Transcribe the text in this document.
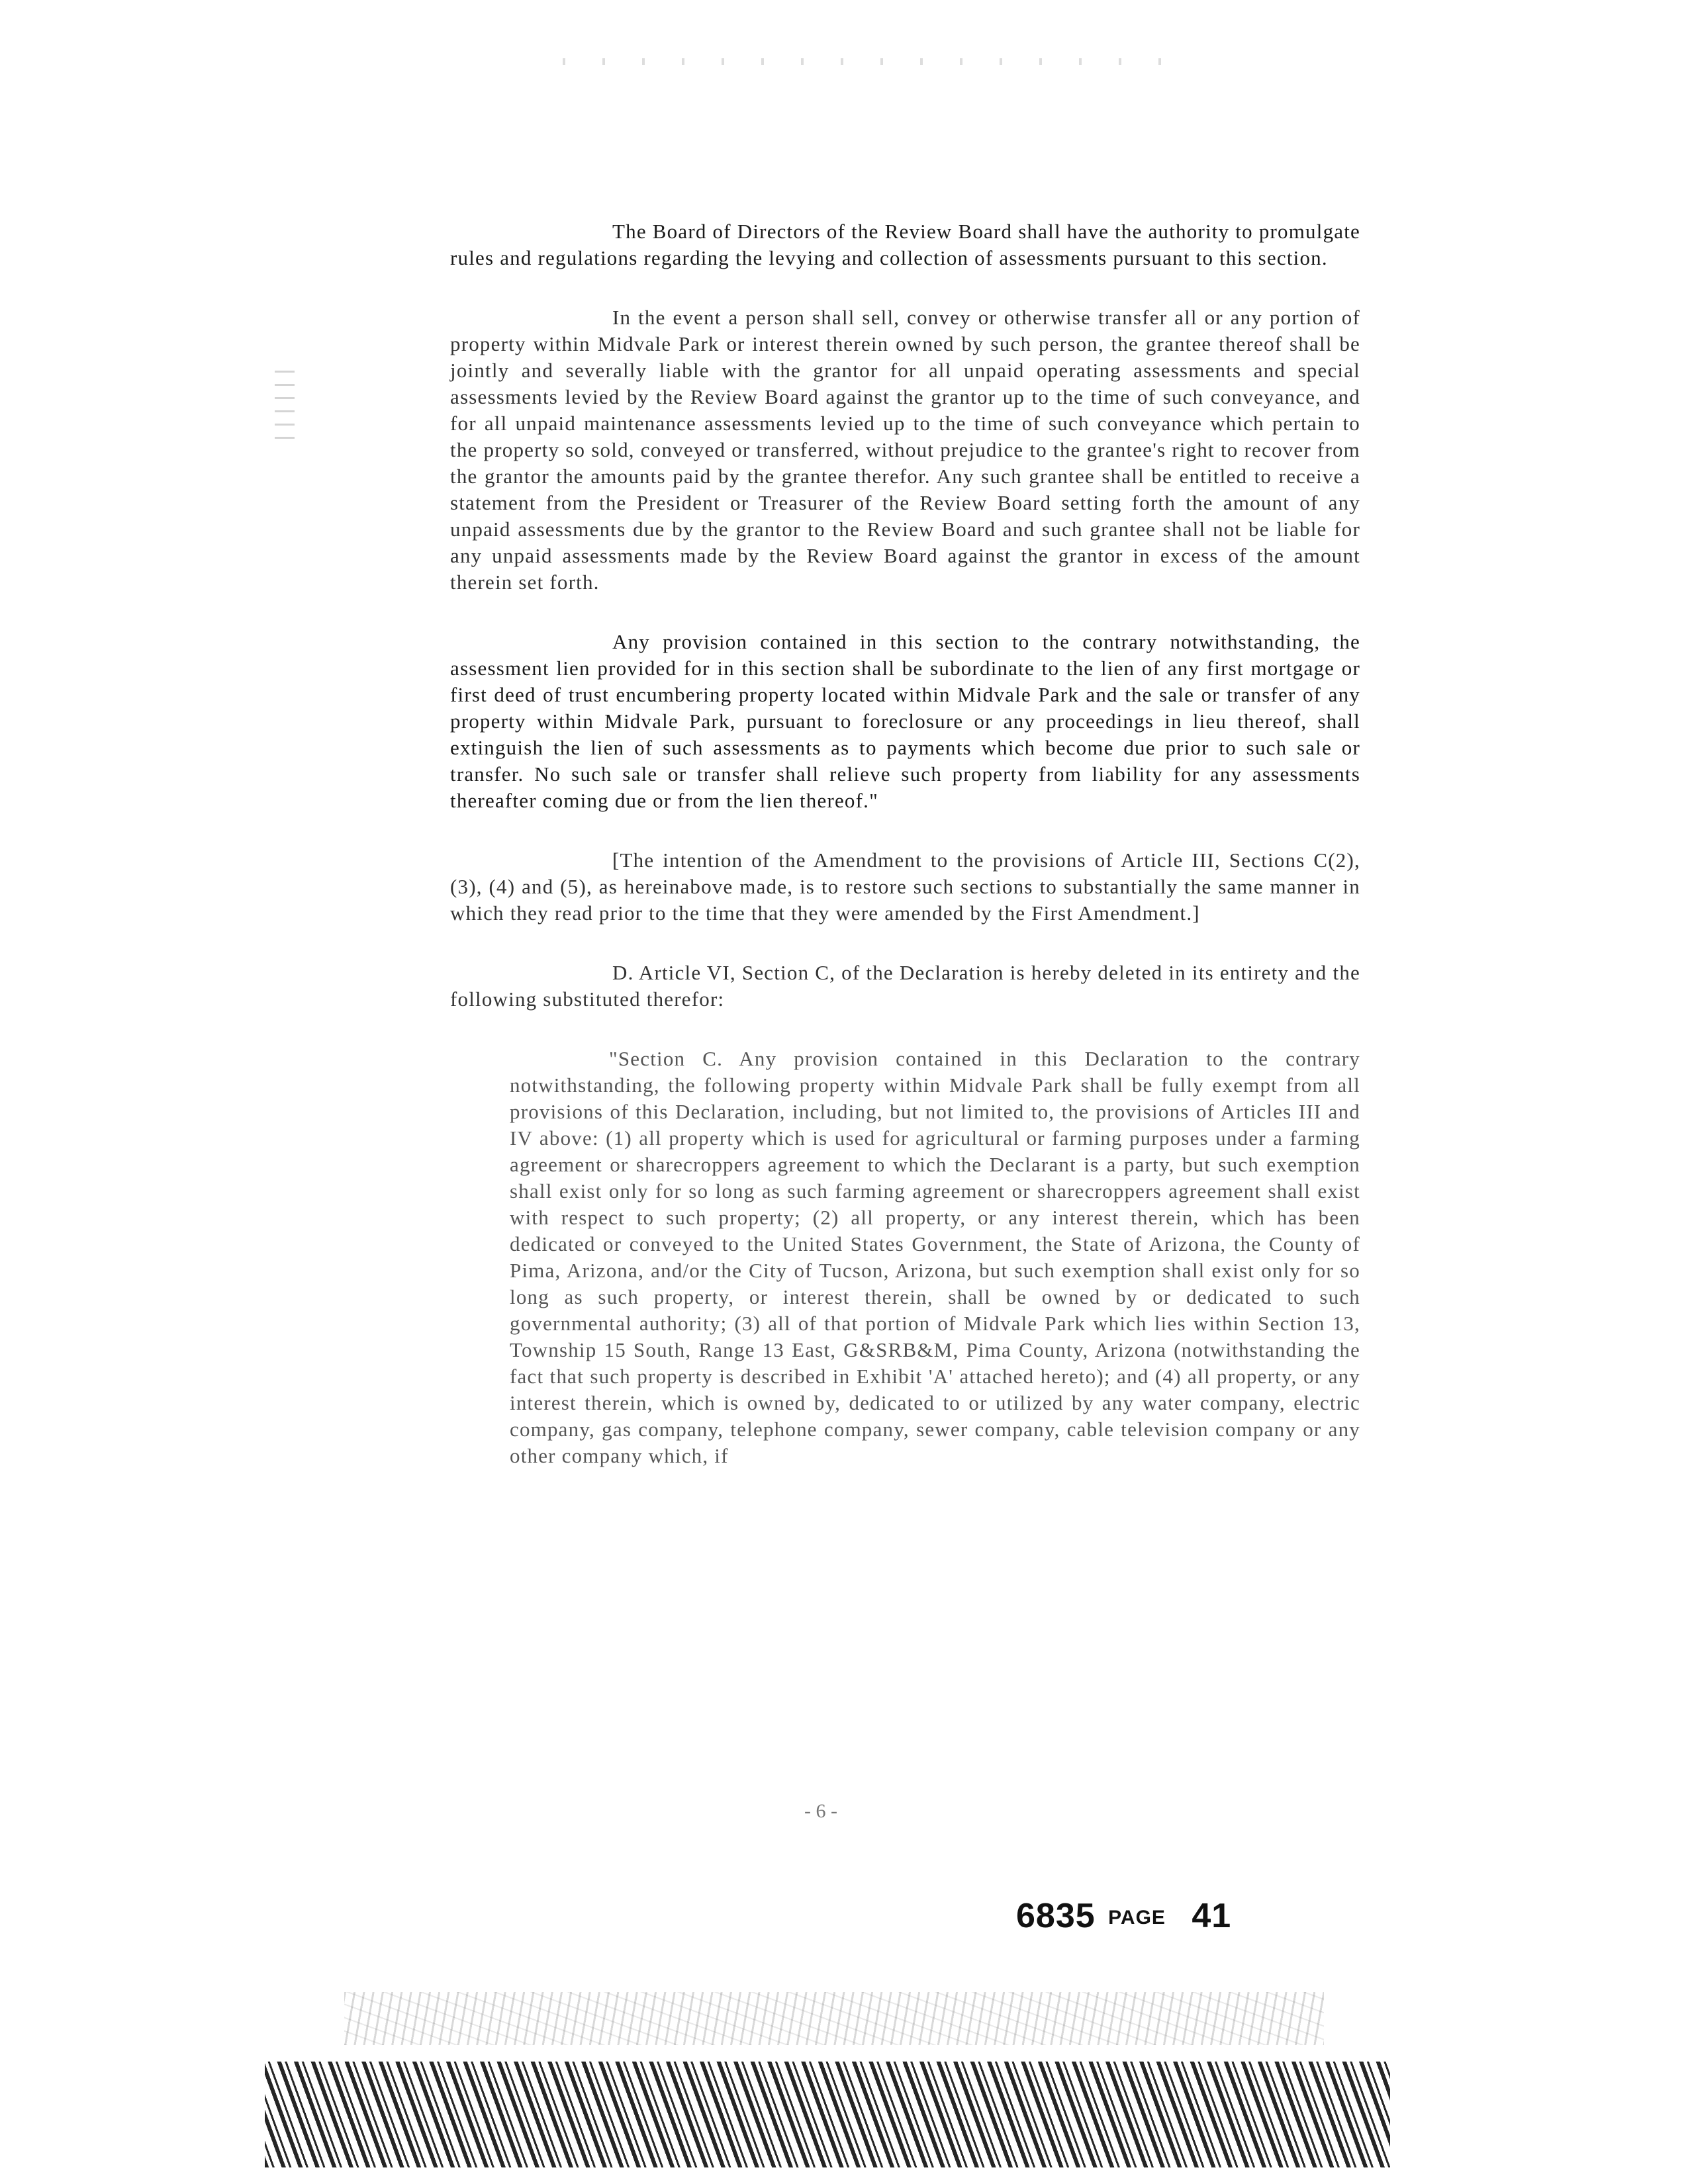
The Board of Directors of the Review Board shall have the authority to promulgate rules and regulations regarding the levying and collection of assessments pursuant to this section.

In the event a person shall sell, convey or otherwise transfer all or any portion of property within Midvale Park or interest therein owned by such person, the grantee thereof shall be jointly and severally liable with the grantor for all unpaid operating assessments and special assessments levied by the Review Board against the grantor up to the time of such conveyance, and for all unpaid maintenance assessments levied up to the time of such conveyance which pertain to the property so sold, conveyed or transferred, without prejudice to the grantee's right to recover from the grantor the amounts paid by the grantee therefor. Any such grantee shall be entitled to receive a statement from the President or Treasurer of the Review Board setting forth the amount of any unpaid assessments due by the grantor to the Review Board and such grantee shall not be liable for any unpaid assessments made by the Review Board against the grantor in excess of the amount therein set forth.

Any provision contained in this section to the contrary notwithstanding, the assessment lien provided for in this section shall be subordinate to the lien of any first mortgage or first deed of trust encumbering property located within Midvale Park and the sale or transfer of any property within Midvale Park, pursuant to foreclosure or any proceedings in lieu thereof, shall extinguish the lien of such assessments as to payments which become due prior to such sale or transfer. No such sale or transfer shall relieve such property from liability for any assessments thereafter coming due or from the lien thereof."

[The intention of the Amendment to the provisions of Article III, Sections C(2), (3), (4) and (5), as hereinabove made, is to restore such sections to substantially the same manner in which they read prior to the time that they were amended by the First Amendment.]

D. Article VI, Section C, of the Declaration is hereby deleted in its entirety and the following substituted therefor:

"Section C. Any provision contained in this Declaration to the contrary notwithstanding, the following property within Midvale Park shall be fully exempt from all provisions of this Declaration, including, but not limited to, the provisions of Articles III and IV above: (1) all property which is used for agricultural or farming purposes under a farming agreement or sharecroppers agreement to which the Declarant is a party, but such exemption shall exist only for so long as such farming agreement or sharecroppers agreement shall exist with respect to such property; (2) all property, or any interest therein, which has been dedicated or conveyed to the United States Government, the State of Arizona, the County of Pima, Arizona, and/or the City of Tucson, Arizona, but such exemption shall exist only for so long as such property, or interest therein, shall be owned by or dedicated to such governmental authority; (3) all of that portion of Midvale Park which lies within Section 13, Township 15 South, Range 13 East, G&SRB&M, Pima County, Arizona (notwithstanding the fact that such property is described in Exhibit 'A' attached hereto); and (4) all property, or any interest therein, which is owned by, dedicated to or utilized by any water company, electric company, gas company, telephone company, sewer company, cable television company or any other company which, if

- 6 -
6835 PAGE 41
